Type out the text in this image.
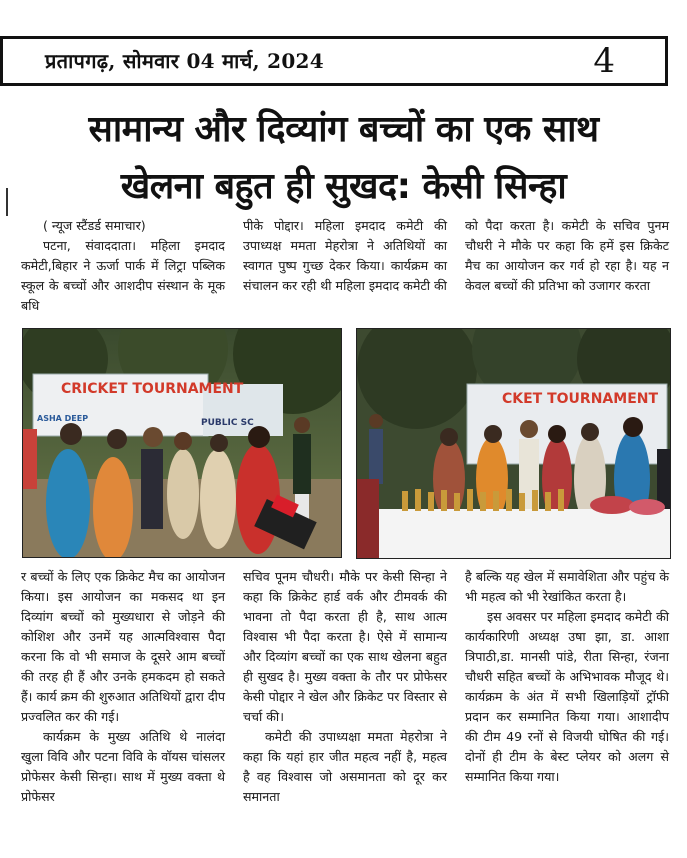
प्रतापगढ़, सोमवार 04 मार्च, 2024	4
सामान्य और दिव्यांग बच्चों का एक साथ
खेलना बहुत ही सुखद: केसी सिन्हा

( न्यूज स्टैंडर्ड समाचार)

पटना, संवाददाता। महिला इमदाद कमेटी,बिहार ने ऊर्जा पार्क में लिट्रा पब्लिक स्कूल के बच्चों और आशदीप संस्थान के मूक बधि

पीके पोद्दार। महिला इमदाद कमेटी की उपाध्यक्ष ममता मेहरोत्रा ने अतिथियों का स्वागत पुष्प गुच्छ देकर किया। कार्यक्रम का संचालन कर रही थी महिला इमदाद कमेटी की

को पैदा करता है। कमेटी के सचिव पुनम चौधरी ने मौके पर कहा कि हमें इस क्रिकेट मैच का आयोजन कर गर्व हो रहा है। यह न केवल बच्चों की प्रतिभा को उजागर करता

CRICKET TOURNAMENT
ASHA DEEP	PUBLIC SC
CKET TOURNAMENT

र बच्चों के लिए एक क्रिकेट मैच का आयोजन किया। इस आयोजन का मकसद था इन दिव्यांग बच्चों को मुख्यधारा से जोड़ने की कोशिश और उनमें यह आत्मविश्वास पैदा करना कि वो भी समाज के दूसरे आम बच्चों की तरह ही हैं और उनके हमकदम हो सकते हैं। कार्य क्रम की शुरुआत अतिथियों द्वारा दीप प्रज्वलित कर की गई।

कार्यक्रम के मुख्य अतिथि थे नालंदा खुला विवि और पटना विवि के वॉयस चांसलर प्रोफेसर केसी सिन्हा। साथ में मुख्य वक्ता थे प्रोफेसर

सचिव पूनम चौधरी। मौके पर केसी सिन्हा ने कहा कि क्रिकेट हार्ड वर्क और टीमवर्क की भावना तो पैदा करता ही है, साथ आत्म विश्वास भी पैदा करता है। ऐसे में सामान्य और दिव्यांग बच्चों का एक साथ खेलना बहुत ही सुखद है। मुख्य वक्ता के तौर पर प्रोफेसर केसी पोद्दार ने खेल और क्रिकेट पर विस्तार से चर्चा की।

कमेटी की उपाध्यक्षा ममता मेहरोत्रा ने कहा कि यहां हार जीत महत्व नहीं है, महत्व है वह विश्वास जो असमानता को दूर कर समानता

है बल्कि यह खेल में समावेशिता और पहुंच के भी महत्व को भी रेखांकित करता है।

इस अवसर पर महिला इमदाद कमेटी की कार्यकारिणी अध्यक्ष उषा झा, डा. आशा त्रिपाठी,डा. मानसी पांडे, रीता सिन्हा, रंजना चौधरी सहित बच्चों के अभिभावक मौजूद थे। कार्यक्रम के अंत में सभी खिलाड़ियों ट्रॉफी प्रदान कर सम्मानित किया गया। आशादीप की टीम 49 रनों से विजयी घोषित की गई।दोनों ही टीम के बेस्ट प्लेयर को अलग से सम्मानित किया गया।
